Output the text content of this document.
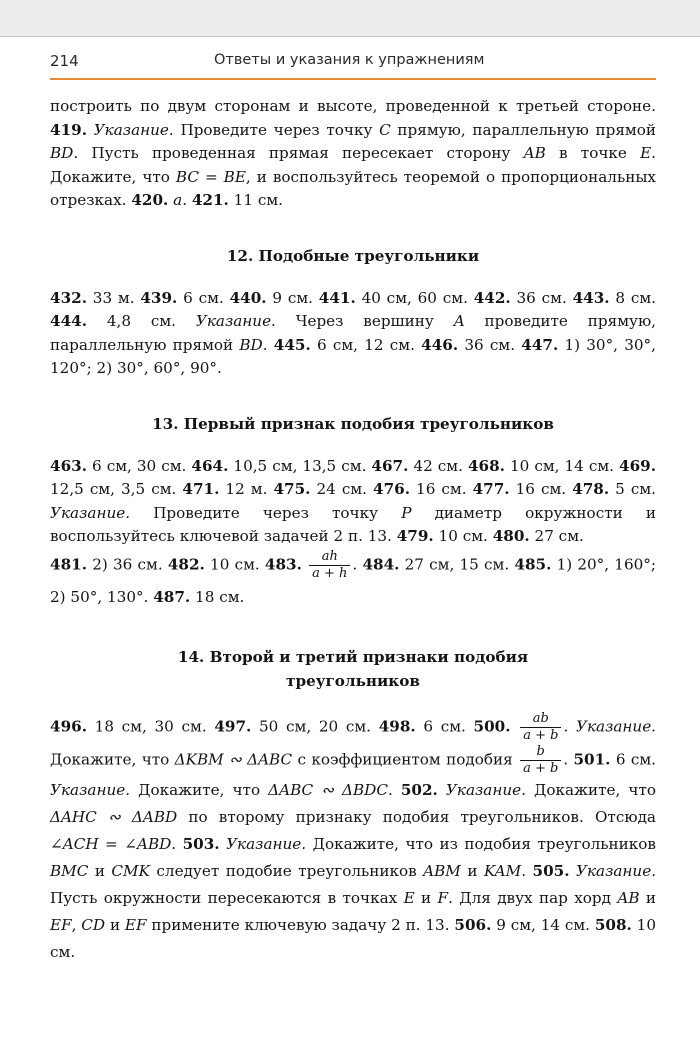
214	Ответы и указания к упражнениям

построить по двум сторонам и высоте, проведенной к третьей стороне. 419. Указание. Проведите через точку C прямую, параллельную прямой BD. Пусть проведенная прямая пересекает сторону AB в точке E. Докажите, что BC = BE, и воспользуйтесь теоремой о пропорциональных отрезках. 420. a. 421. 11 см.

12. Подобные треугольники

432. 33 м. 439. 6 см. 440. 9 см. 441. 40 см, 60 см. 442. 36 см. 443. 8 см. 444. 4,8 см. Указание. Через вершину A проведите прямую, параллельную прямой BD. 445. 6 см, 12 см. 446. 36 см. 447. 1) 30°, 30°, 120°; 2) 30°, 60°, 90°.

13. Первый признак подобия треугольников

463. 6 см, 30 см. 464. 10,5 см, 13,5 см. 467. 42 см. 468. 10 см, 14 см. 469. 12,5 см, 3,5 см. 471. 12 м. 475. 24 см. 476. 16 см. 477. 16 см. 478. 5 см. Указание. Проведите через точку P диаметр окружности и воспользуйтесь ключевой задачей 2 п. 13. 479. 10 см. 480. 27 см.

481. 2) 36 см. 482. 10 см. 483. $\frac{ah}{a + h}$ . 484. 27 см, 15 см. 485. 1) 20°, 160°; 2) 50°, 130°. 487. 18 см.

14. Второй и третий признаки подобия
треугольников

496. 18 см, 30 см. 497. 50 см, 20 см. 498. 6 см. 500. $\frac{ab}{a + b}$ . Указание. Докажите, что ΔKBM ∾ ΔABC с коэффициентом подобия $\frac{b}{a + b}$ . 501. 6 см. Указание. Докажите, что ΔABC ∾ ΔBDC. 502. Указание. Докажите, что ΔAHC ∾ ΔABD по второму признаку подобия треугольников. Отсюда ∠ACH = ∠ABD. 503. Указание. Докажите, что из подобия треугольников BMC и CMK следует подобие треугольников ABM и KAM. 505. Указание. Пусть окружности пересекаются в точках E и F. Для двух пар хорд AB и EF, CD и EF примените ключевую задачу 2 п. 13. 506. 9 см, 14 см. 508. 10 см.
